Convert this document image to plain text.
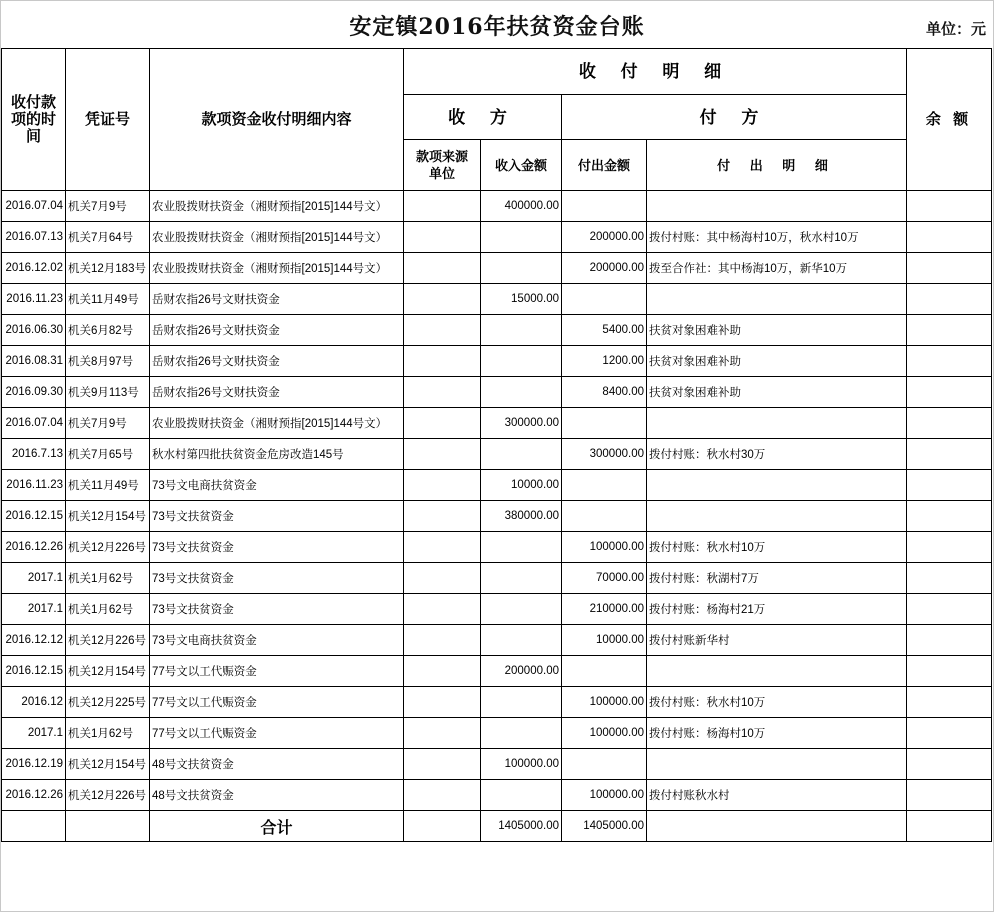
安定镇2016年扶贫资金台账	单位：元
收付款项的时间	凭证号	款项资金收付明细内容	收 付 明 细				余 额
			收 方		付 方		
			款项来源单位	收入金额	付出金额	付 出 明 细	
2016.07.04	机关7月9号	农业股拨财扶资金（湘财预指[2015]144号文）		400000.00			
2016.07.13	机关7月64号	农业股拨财扶资金（湘财预指[2015]144号文）			200000.00	拨付村账：其中杨海村10万，秋水村10万	
2016.12.02	机关12月183号	农业股拨财扶资金（湘财预指[2015]144号文）			200000.00	拨至合作社：其中杨海10万，新华10万	
2016.11.23	机关11月49号	岳财农指26号文财扶资金		15000.00			
2016.06.30	机关6月82号	岳财农指26号文财扶资金			5400.00	扶贫对象困难补助	
2016.08.31	机关8月97号	岳财农指26号文财扶资金			1200.00	扶贫对象困难补助	
2016.09.30	机关9月113号	岳财农指26号文财扶资金			8400.00	扶贫对象困难补助	
2016.07.04	机关7月9号	农业股拨财扶资金（湘财预指[2015]144号文）		300000.00			
2016.7.13	机关7月65号	秋水村第四批扶贫资金危房改造145号			300000.00	拨付村账：秋水村30万	
2016.11.23	机关11月49号	73号文电商扶贫资金		10000.00			
2016.12.15	机关12月154号	73号文扶贫资金		380000.00			
2016.12.26	机关12月226号	73号文扶贫资金			100000.00	拨付村账：秋水村10万	
2017.1	机关1月62号	73号文扶贫资金			70000.00	拨付村账：秋湖村7万	
2017.1	机关1月62号	73号文扶贫资金			210000.00	拨付村账：杨海村21万	
2016.12.12	机关12月226号	73号文电商扶贫资金			10000.00	拨付村账新华村	
2016.12.15	机关12月154号	77号文以工代赈资金		200000.00			
2016.12	机关12月225号	77号文以工代赈资金			100000.00	拨付村账：秋水村10万	
2017.1	机关1月62号	77号文以工代赈资金			100000.00	拨付村账：杨海村10万	
2016.12.19	机关12月154号	48号文扶贫资金		100000.00			
2016.12.26	机关12月226号	48号文扶贫资金			100000.00	拨付村账秋水村	
		合计		1405000.00	1405000.00		
